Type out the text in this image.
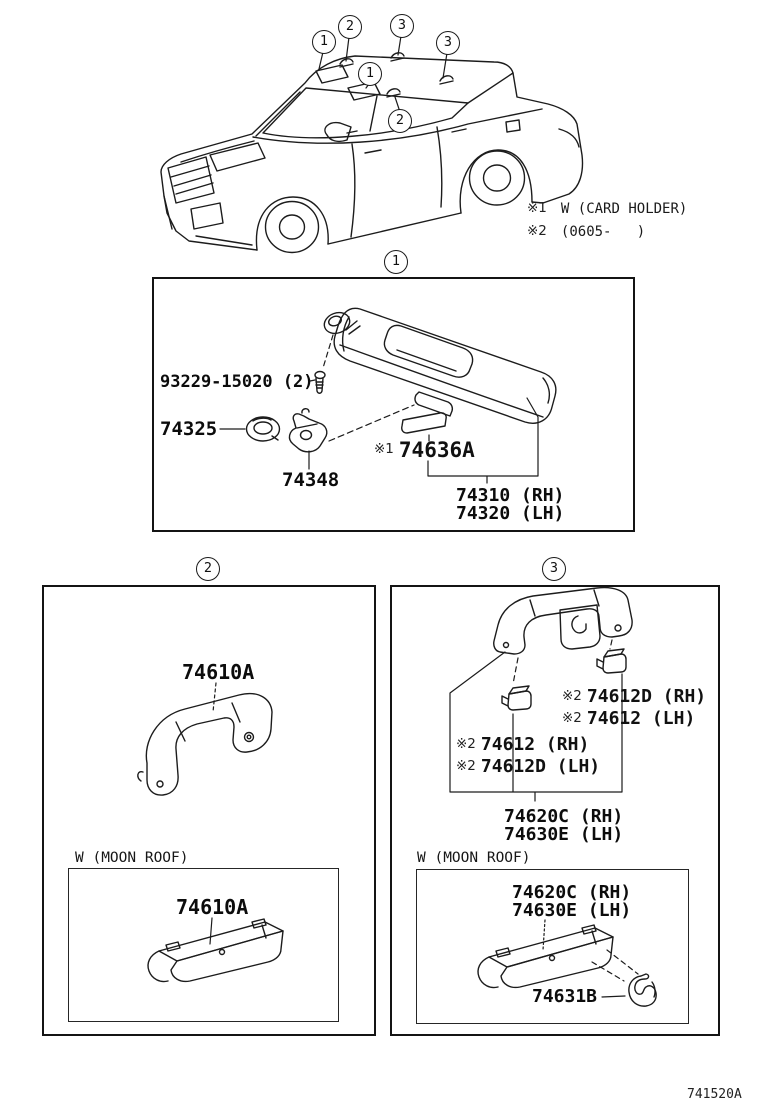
1
2	3
3
1
2
※1 W (CARD HOLDER)
※2 (0605-   )
1
93229-15020 (2)
74325
74348
※1 74636A
74310 (RH)
74320 (LH)
2
74610A
W (MOON ROOF)
74610A
3
※2 74612D (RH)
※2 74612 (LH)
※2 74612 (RH)
※2 74612D (LH)
74620C (RH)
74630E (LH)
W (MOON ROOF)
74620C (RH)
74630E (LH)
74631B
741520A
